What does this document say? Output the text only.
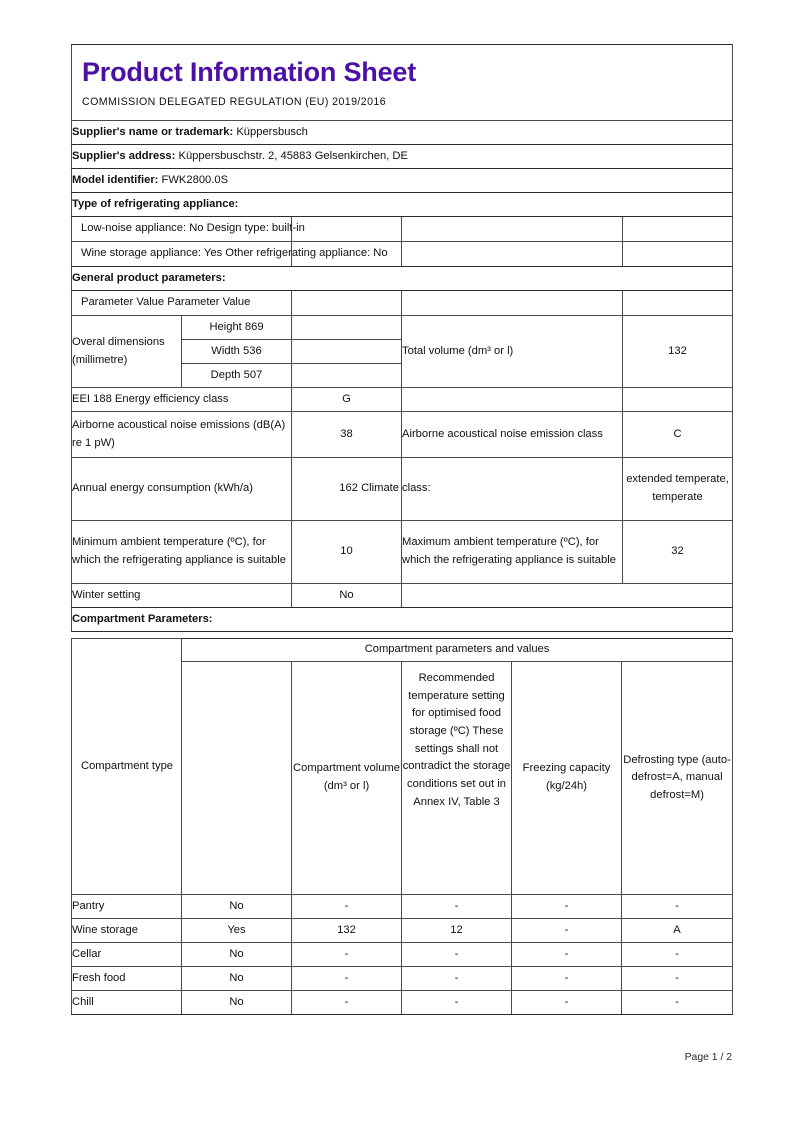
Product Information Sheet
COMMISSION DELEGATED REGULATION (EU) 2019/2016				

Supplier's name or trademark: Küppersbusch				
Supplier's address: Küppersbuschstr. 2, 45883 Gelsenkirchen, DE				
Model identifier: FWK2800.0S				
Type of refrigerating appliance:				

Low-noise appliance: No Design type: built-in				

Wine storage appliance: Yes Other refrigerating appliance: No				

General product parameters:				

Parameter Value Parameter Value				

Overal dimensions (millimetre)	Height 869		Total volume (dm³ or l)	132
	Width 536			
	Depth 507			
EEI 188 Energy efficiency class		G		
Airborne acoustical noise emissions (dB(A) re 1 pW)		38	Airborne acoustical noise emission class	C
Annual energy consumption (kWh/a)		162 Climate	class:	extended temperate, temperate
Minimum ambient temperature (ºC), for which the refrigerating appliance is suitable		10	Maximum ambient temperature (ºC), for which the refrigerating appliance is suitable	32
Winter setting		No		
Compartment Parameters:				
Compartment type	Compartment parameters and values				
		Compartment volume (dm³ or l)	Recommended temperature setting for optimised food storage (ºC) These settings shall not contradict the storage conditions set out in Annex IV, Table 3	Freezing capacity (kg/24h)	Defrosting type (auto-defrost=A, manual defrost=M)
Pantry	No	-	-	-	-
Wine storage	Yes	132	12	-	A
Cellar	No	-	-	-	-
Fresh food	No	-	-	-	-
Chill	No	-	-	-	-
Page 1 / 2
